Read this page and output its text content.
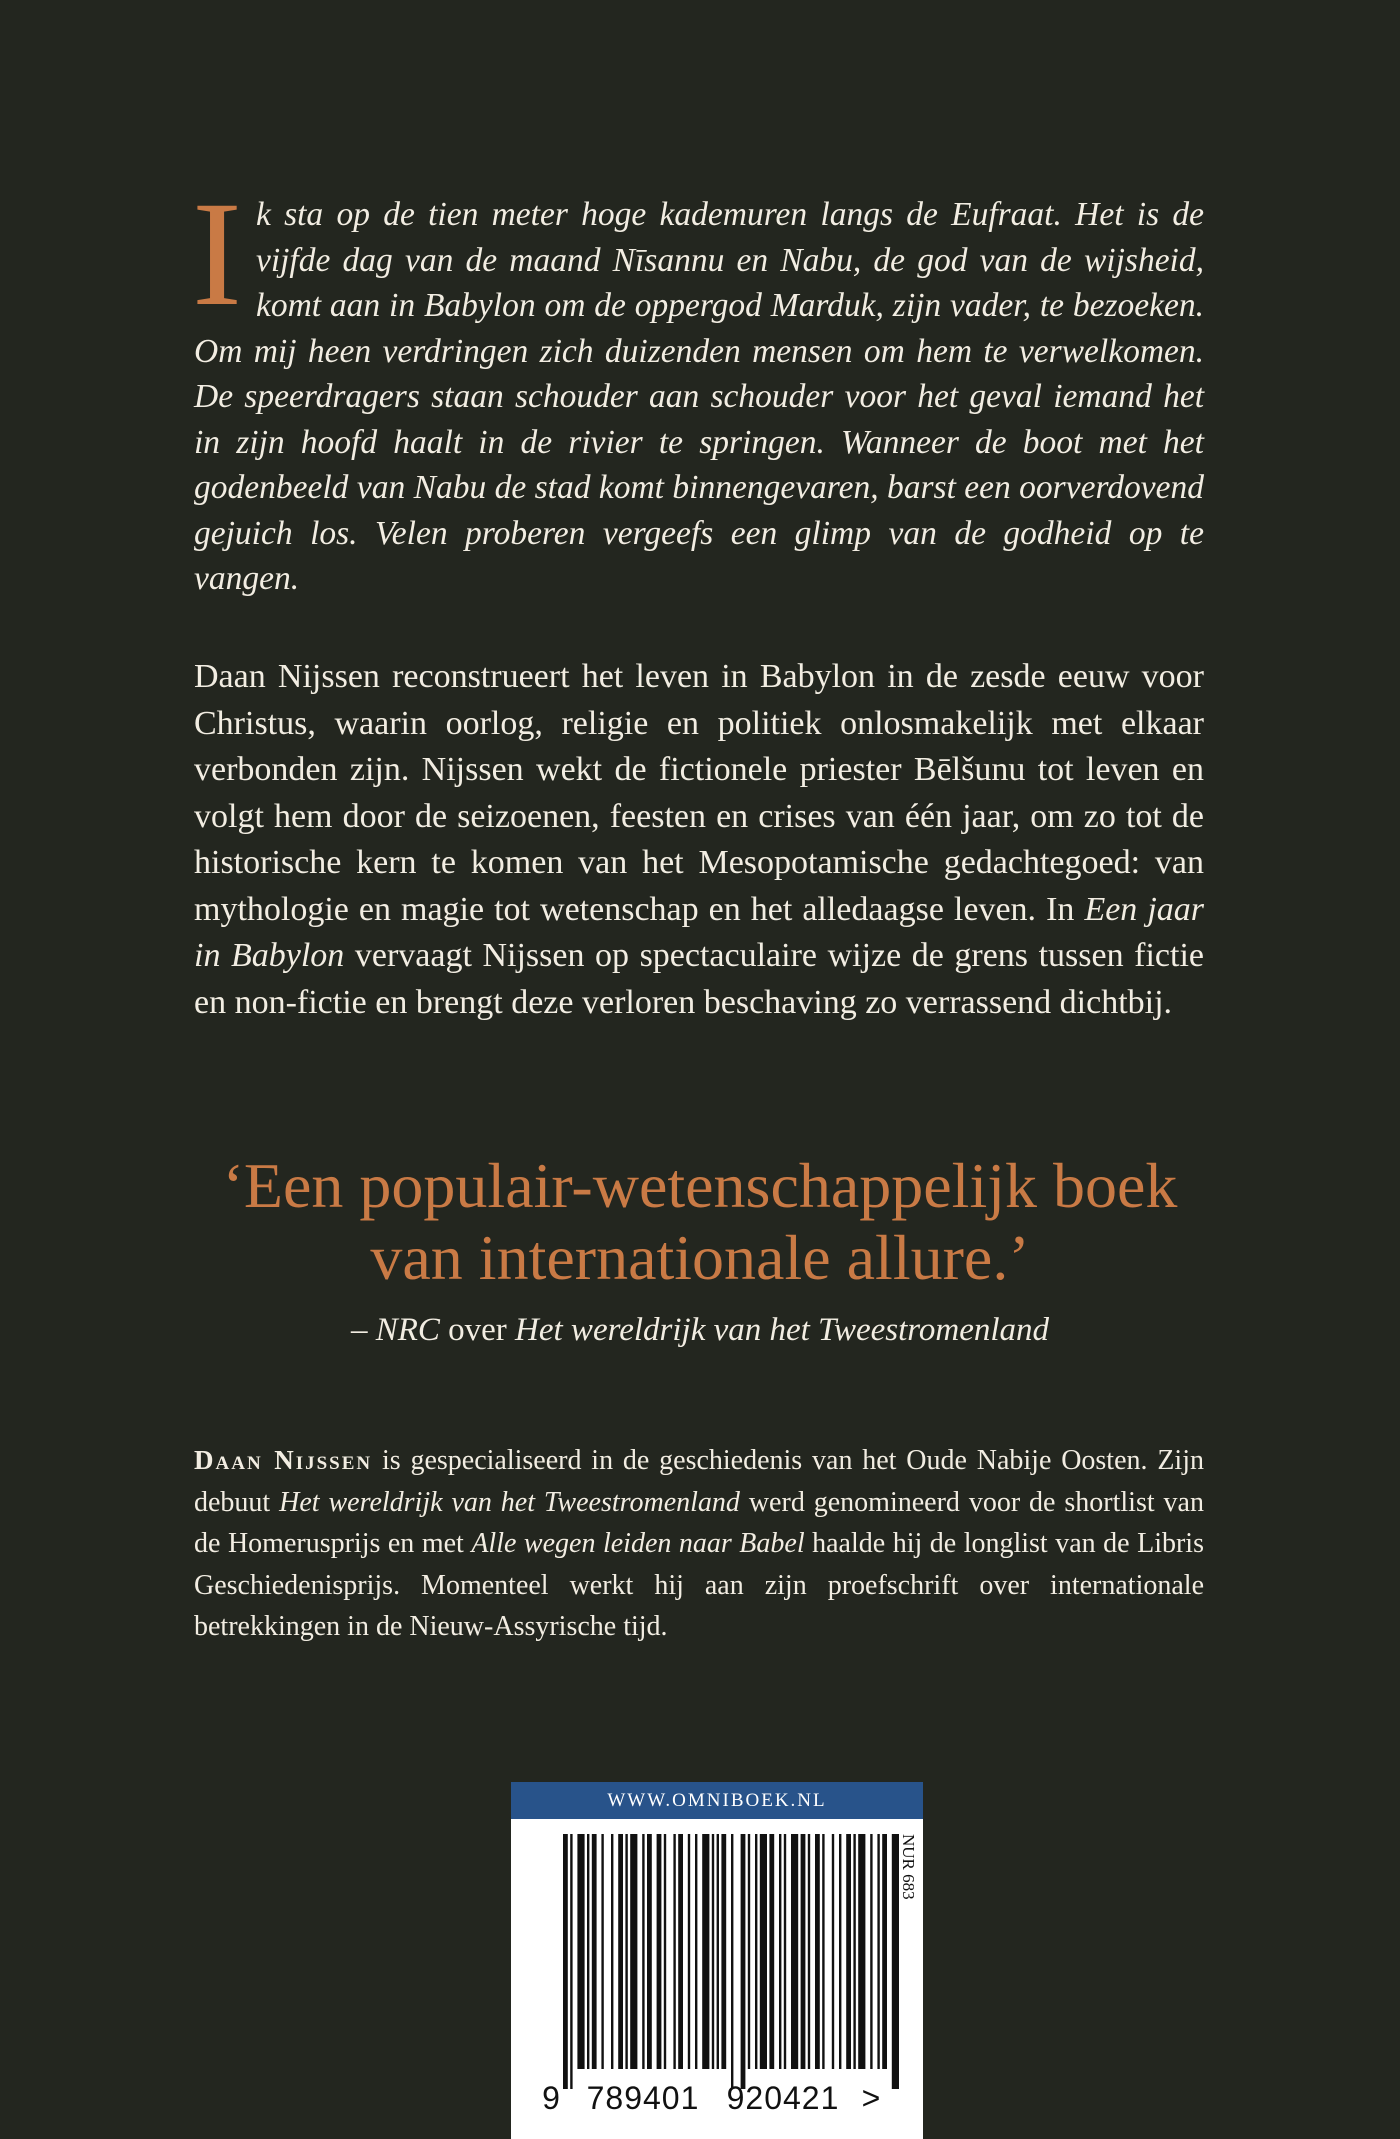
Ik sta op de tien meter hoge kademuren langs de Eufraat. Het is de vijfde dag van de maand Nīsannu en Nabu, de god van de wijsheid, komt aan in Babylon om de oppergod Marduk, zijn vader, te bezoeken. Om mij heen verdringen zich duizenden mensen om hem te verwelkomen. De speerdragers staan schouder aan schouder voor het geval iemand het in zijn hoofd haalt in de rivier te springen. Wanneer de boot met het godenbeeld van Nabu de stad komt binnengevaren, barst een oorverdovend gejuich los. Velen proberen vergeefs een glimp van de godheid op te vangen.
Daan Nijssen reconstrueert het leven in Babylon in de zesde eeuw voor Christus, waarin oorlog, religie en politiek onlosmakelijk met elkaar verbonden zijn. Nijssen wekt de fictionele priester Bēlšunu tot leven en volgt hem door de seizoenen, feesten en crises van één jaar, om zo tot de historische kern te komen van het Mesopotamische gedachtegoed: van mythologie en magie tot wetenschap en het alledaagse leven. In Een jaar in Babylon vervaagt Nijssen op spectaculaire wijze de grens tussen fictie en non-fictie en brengt deze verloren beschaving zo verrassend dichtbij.
‘Een populair-wetenschappelijk boek
van internationale allure.’
– NRC over Het wereldrijk van het Tweestromenland
Daan Nijssen is gespecialiseerd in de geschiedenis van het Oude Nabije Oosten. Zijn debuut Het wereldrijk van het Tweestromenland werd genomineerd voor de shortlist van de Homerusprijs en met Alle wegen leiden naar Babel haalde hij de longlist van de Libris Geschiedenisprijs. Momenteel werkt hij aan zijn proefschrift over internationale betrekkingen in de Nieuw-Assyrische tijd.
WWW.OMNIBOEK.NL
NUR 683
9 789401 920421 >
